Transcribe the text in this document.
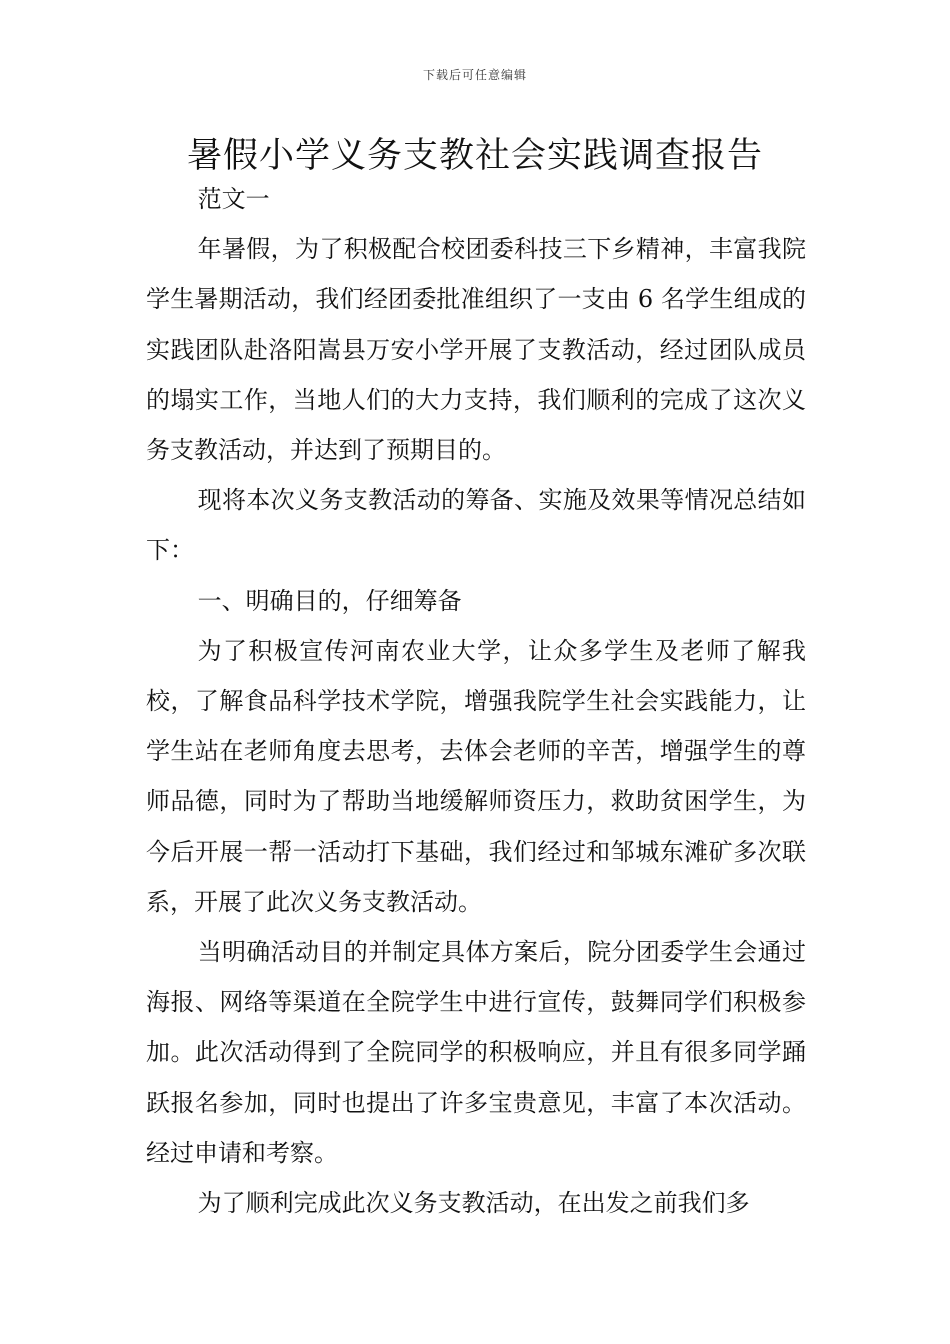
下载后可任意编辑
暑假小学义务支教社会实践调查报告

范文一

年暑假，为了积极配合校团委科技三下乡精神，丰富我院学生暑期活动，我们经团委批准组织了一支由 6 名学生组成的实践团队赴洛阳嵩县万安小学开展了支教活动，经过团队成员的塌实工作，当地人们的大力支持，我们顺利的完成了这次义务支教活动，并达到了预期目的。

现将本次义务支教活动的筹备、实施及效果等情况总结如下：

一、明确目的，仔细筹备

为了积极宣传河南农业大学，让众多学生及老师了解我校，了解食品科学技术学院，增强我院学生社会实践能力，让学生站在老师角度去思考，去体会老师的辛苦，增强学生的尊师品德，同时为了帮助当地缓解师资压力，救助贫困学生，为今后开展一帮一活动打下基础，我们经过和邹城东滩矿多次联系，开展了此次义务支教活动。

当明确活动目的并制定具体方案后，院分团委学生会通过海报、网络等渠道在全院学生中进行宣传，鼓舞同学们积极参加。此次活动得到了全院同学的积极响应，并且有很多同学踊跃报名参加，同时也提出了许多宝贵意见，丰富了本次活动。经过申请和考察。

为了顺利完成此次义务支教活动，在出发之前我们多
